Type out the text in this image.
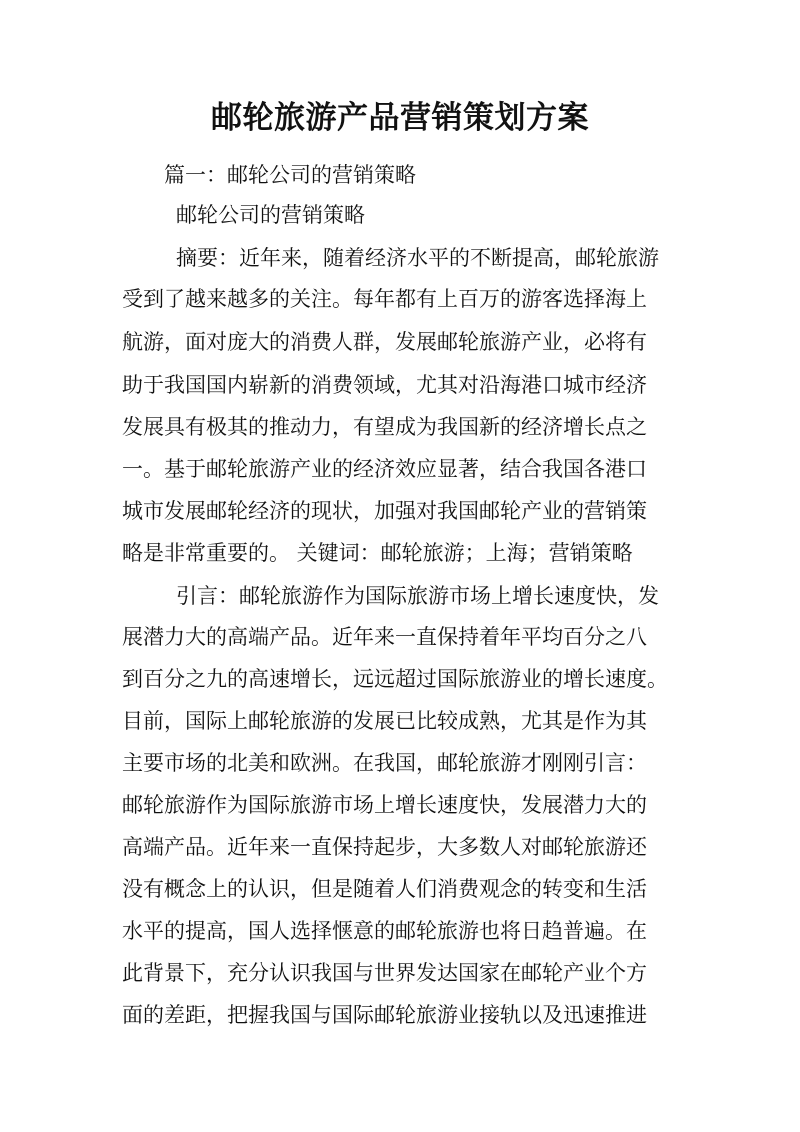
邮轮旅游产品营销策划方案
篇一：邮轮公司的营销策略
邮轮公司的营销策略
摘要：近年来，随着经济水平的不断提高，邮轮旅游
受到了越来越多的关注。每年都有上百万的游客选择海上
航游，面对庞大的消费人群，发展邮轮旅游产业，必将有
助于我国国内崭新的消费领域，尤其对沿海港口城市经济
发展具有极其的推动力，有望成为我国新的经济增长点之
一。基于邮轮旅游产业的经济效应显著，结合我国各港口
城市发展邮轮经济的现状，加强对我国邮轮产业的营销策
略是非常重要的。 关键词：邮轮旅游；上海；营销策略
引言：邮轮旅游作为国际旅游市场上增长速度快，发
展潜力大的高端产品。近年来一直保持着年平均百分之八
到百分之九的高速增长，远远超过国际旅游业的增长速度。
目前，国际上邮轮旅游的发展已比较成熟，尤其是作为其
主要市场的北美和欧洲。在我国，邮轮旅游才刚刚引言：
邮轮旅游作为国际旅游市场上增长速度快，发展潜力大的
高端产品。近年来一直保持起步，大多数人对邮轮旅游还
没有概念上的认识，但是随着人们消费观念的转变和生活
水平的提高，国人选择惬意的邮轮旅游也将日趋普遍。在
此背景下，充分认识我国与世界发达国家在邮轮产业个方
面的差距，把握我国与国际邮轮旅游业接轨以及迅速推进
